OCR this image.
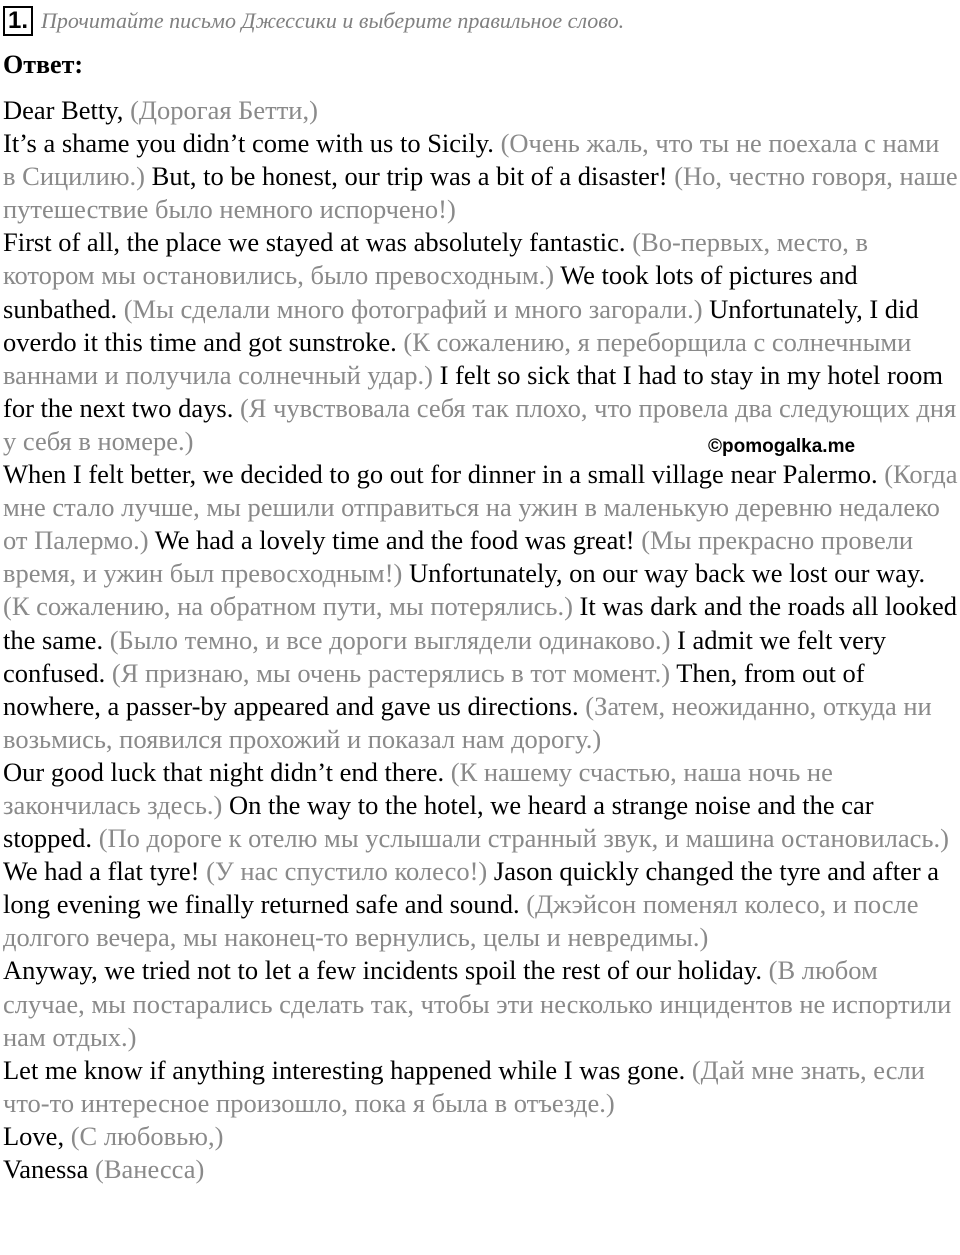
1. Прочитайте письмо Джессики и выберите правильное слово.
Ответ:

Dear Betty, (Дорогая Бетти,)

It’s a shame you didn’t come with us to Sicily. (Очень жаль, что ты не поехала с нами в Сицилию.) But, to be honest, our trip was a bit of a disaster! (Но, честно говоря, наше путешествие было немного испорчено!)

First of all, the place we stayed at was absolutely fantastic. (Во-первых, место, в котором мы остановились, было превосходным.) We took lots of pictures and sunbathed. (Мы сделали много фотографий и много загорали.) Unfortunately, I did overdo it this time and got sunstroke. (К сожалению, я переборщила с солнечными ваннами и получила солнечный удар.) I felt so sick that I had to stay in my hotel room for the next two days. (Я чувствовала себя так плохо, что провела два следующих дня у себя в номере.)

When I felt better, we decided to go out for dinner in a small village near Palermo. (Когда мне стало лучше, мы решили отправиться на ужин в маленькую деревню недалеко от Палермо.) We had a lovely time and the food was great! (Мы прекрасно провели время, и ужин был превосходным!) Unfortunately, on our way back we lost our way. (К сожалению, на обратном пути, мы потерялись.) It was dark and the roads all looked the same. (Было темно, и все дороги выглядели одинаково.) I admit we felt very confused. (Я признаю, мы очень растерялись в тот момент.) Then, from out of nowhere, a passer-by appeared and gave us directions. (Затем, неожиданно, откуда ни возьмись, появился прохожий и показал нам дорогу.)

Our good luck that night didn’t end there. (К нашему счастью, наша ночь не закончилась здесь.) On the way to the hotel, we heard a strange noise and the car stopped. (По дороге к отелю мы услышали странный звук, и машина остановилась.) We had a flat tyre! (У нас спустило колесо!) Jason quickly changed the tyre and after a long evening we finally returned safe and sound. (Джэйсон поменял колесо, и после долгого вечера, мы наконец-то вернулись, целы и невредимы.)

Anyway, we tried not to let a few incidents spoil the rest of our holiday. (В любом случае, мы постарались сделать так, чтобы эти несколько инцидентов не испортили нам отдых.)

Let me know if anything interesting happened while I was gone. (Дай мне знать, если что-то интересное произошло, пока я была в отъезде.)

Love, (С любовью,)

Vanessa (Ванесса)

©pomogalka.me
